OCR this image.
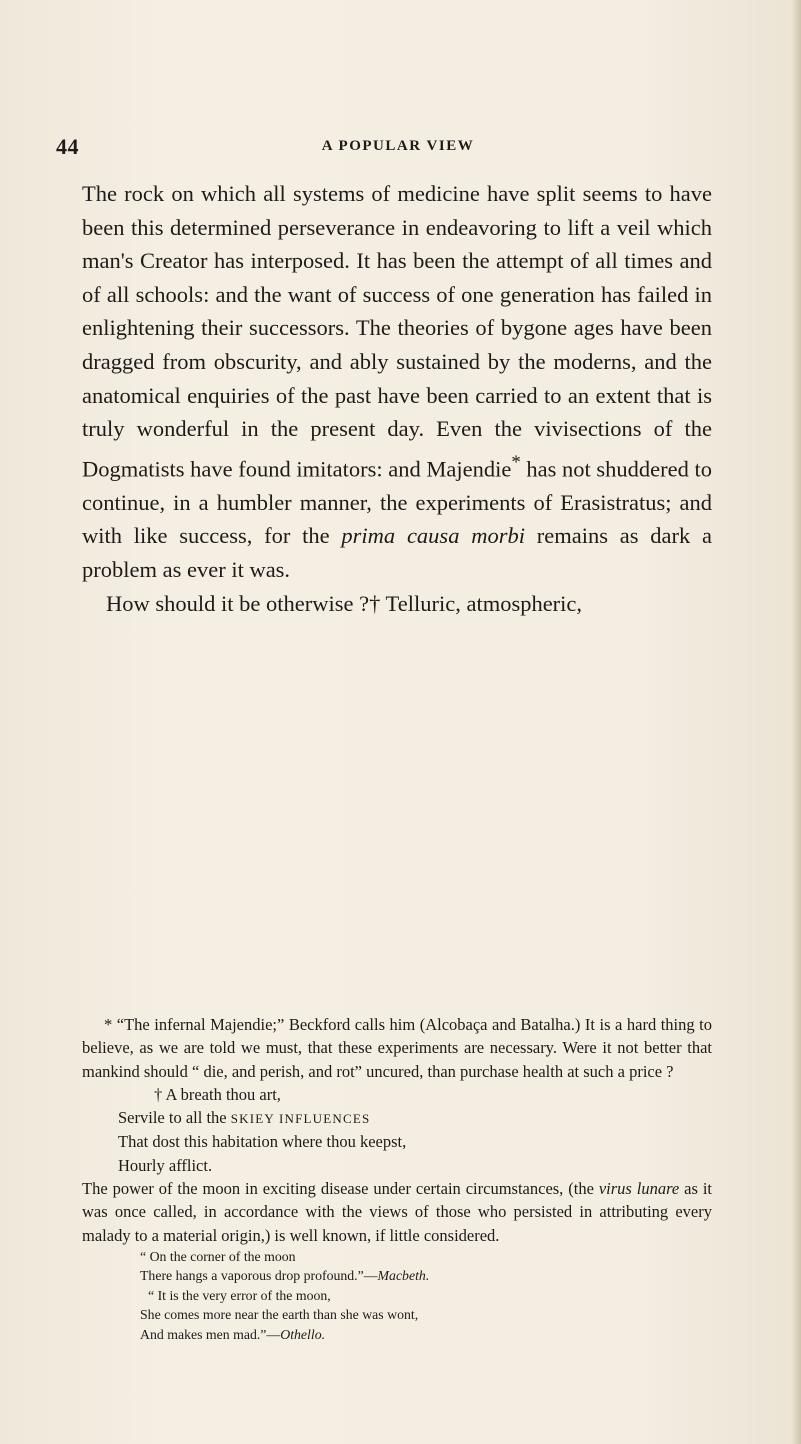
44	A POPULAR VIEW

The rock on which all systems of medicine have split seems to have been this determined perseverance in endeavoring to lift a veil which man's Creator has interposed. It has been the attempt of all times and of all schools: and the want of success of one generation has failed in enlightening their successors. The theories of bygone ages have been dragged from obscurity, and ably sustained by the moderns, and the anatomical enquiries of the past have been carried to an extent that is truly wonderful in the present day. Even the vivisections of the Dogmatists have found imitators: and Majendie* has not shuddered to continue, in a humbler manner, the experiments of Erasistratus; and with like success, for the prima causa morbi remains as dark a problem as ever it was.

How should it be otherwise ?† Telluric, atmospheric,

* “The infernal Majendie;” Beckford calls him (Alcobaça and Batalha.) It is a hard thing to believe, as we are told we must, that these experiments are necessary. Were it not better that mankind should “ die, and perish, and rot” uncured, than purchase health at such a price ?

† A breath thou art,
Servile to all the SKIEY INFLUENCES
That dost this habitation where thou keepst,
Hourly afflict.

The power of the moon in exciting disease under certain circumstances, (the virus lunare as it was once called, in accordance with the views of those who persisted in attributing every malady to a material origin,) is well known, if little considered.

“ On the corner of the moon
There hangs a vaporous drop profound.”—Macbeth.
“ It is the very error of the moon,
She comes more near the earth than she was wont,
And makes men mad.”—Othello.
